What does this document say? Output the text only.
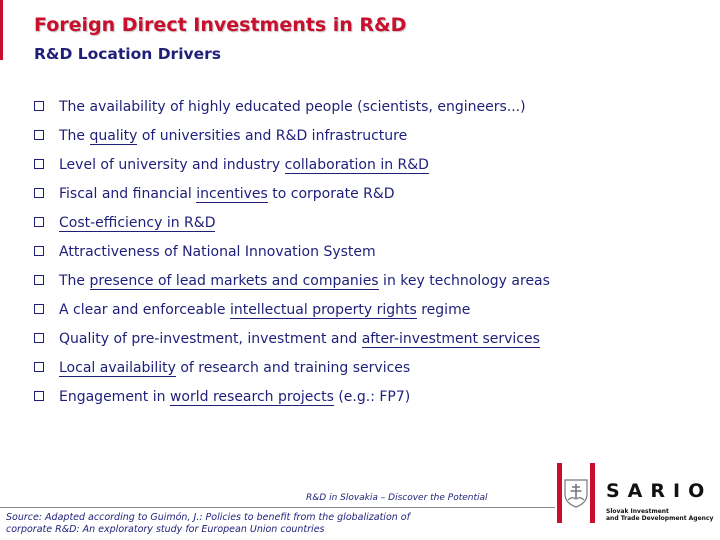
Foreign Direct Investments in R&D
R&D Location Drivers
The availability of highly educated people (scientists, engineers...)
The quality of universities and R&D infrastructure
Level of university and industry collaboration in R&D
Fiscal and financial incentives to corporate R&D
Cost-efficiency in R&D
Attractiveness of National Innovation System
The presence of lead markets and companies in key technology areas
A clear and enforceable intellectual property rights regime
Quality of pre-investment, investment and after-investment services
Local availability of research and training services
Engagement in world research projects (e.g.: FP7)
R&D in Slovakia – Discover the Potential
Source: Adapted according to Guimón, J.: Policies to benefit from the globalization of
corporate R&D: An exploratory study for European Union countries
SARIO
Slovak Investment
and Trade Development Agency
